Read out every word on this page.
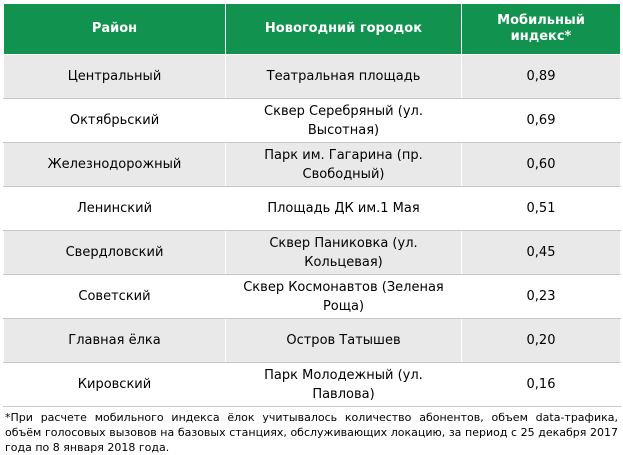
Район	Новогодний городок	Мобильный индекс*
Центральный	Театральная площадь	0,89
Октябрьский	Сквер Серебряный (ул. Высотная)	0,69
Железнодорожный	Парк им. Гагарина (пр. Свободный)	0,60
Ленинский	Площадь ДК им.1 Мая	0,51
Свердловский	Сквер Паниковка (ул. Кольцевая)	0,45
Советский	Сквер Космонавтов (Зеленая Роща)	0,23
Главная ёлка	Остров Татышев	0,20
Кировский	Парк Молодежный (ул. Павлова)	0,16
*При расчете мобильного индекса ёлок учитывалось количество абонентов, объем data-трафика, объём голосовых вызовов на базовых станциях, обслуживающих локацию, за период с 25 декабря 2017 года по 8 января 2018 года.
